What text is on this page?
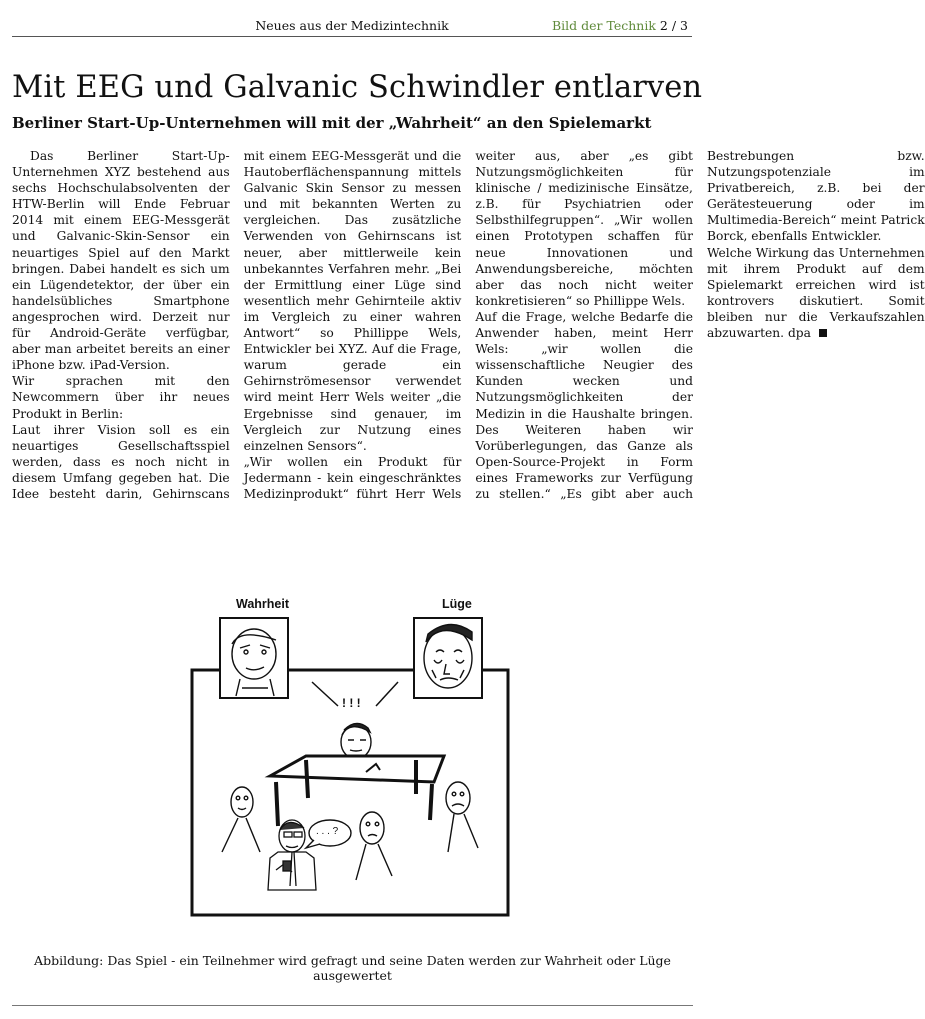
Neues aus der Medizintechnik	Bild der Technik 2 / 3
Mit EEG und Galvanic Schwindler entlarven
Berliner Start-Up-Unternehmen will mit der „Wahrheit“ an den Spielemarkt

Das Berliner Start-Up-Unternehmen XYZ bestehend aus sechs Hochschulabsolventen der HTW-Berlin will Ende Februar 2014 mit einem EEG-Messgerät und Galvanic-Skin-Sensor ein neuartiges Spiel auf den Markt bringen. Dabei handelt es sich um ein Lügendetektor, der über ein handelsübliches Smartphone angesprochen wird. Derzeit nur für Android-Geräte verfügbar, aber man arbeitet bereits an einer iPhone bzw. iPad-Version.

Wir sprachen mit den Newcommern über ihr neues Produkt in Berlin:

Laut ihrer Vision soll es ein neuartiges Gesellschaftsspiel werden, dass es noch nicht in diesem Umfang gegeben hat. Die Idee besteht darin, Gehirnscans mit einem EEG-Messgerät und die Hautoberflächenspannung mittels Galvanic Skin Sensor zu messen und mit bekannten Werten zu vergleichen. Das zusätzliche Verwenden von Gehirnscans ist neuer, aber mittlerweile kein unbekanntes Verfahren mehr. „Bei der Ermittlung einer Lüge sind wesentlich mehr Gehirnteile aktiv im Vergleich zu einer wahren Antwort“ so Phillippe Wels, Entwickler bei XYZ. Auf die Frage, warum gerade ein Gehirnströmesensor verwendet wird meint Herr Wels weiter „die Ergebnisse sind genauer, im Vergleich zur Nutzung eines einzelnen Sensors“.

„Wir wollen ein Produkt für Jedermann - kein eingeschränktes Medizinprodukt“ führt Herr Wels weiter aus, aber „es gibt Nutzungsmöglichkeiten für klinische / medizinische Einsätze, z.B. für Psychiatrien oder Selbsthilfegruppen“. „Wir wollen einen Prototypen schaffen für neue Innovationen und Anwendungsbereiche, möchten aber das noch nicht weiter konkretisieren“ so Phillippe Wels.

Auf die Frage, welche Bedarfe die Anwender haben, meint Herr Wels: „wir wollen die wissenschaftliche Neugier des Kunden wecken und Nutzungsmöglichkeiten der Medizin in die Haushalte bringen. Des Weiteren haben wir Vorüberlegungen, das Ganze als Open-Source-Projekt in Form eines Frameworks zur Verfügung zu stellen.“ „Es gibt aber auch Bestrebungen bzw. Nutzungspotenziale im Privatbereich, z.B. bei der Gerätesteuerung oder im Multimedia-Bereich“ meint Patrick Borck, ebenfalls Entwickler.

Welche Wirkung das Unternehmen mit ihrem Produkt auf dem Spielemarkt erreichen wird ist kontrovers diskutiert. Somit bleiben nur die Verkaufszahlen abzuwarten. dpa

Wahrheit	Lüge
! ! !
. . . ?
Abbildung: Das Spiel - ein Teilnehmer wird gefragt und seine Daten werden zur Wahrheit oder Lüge ausgewertet
